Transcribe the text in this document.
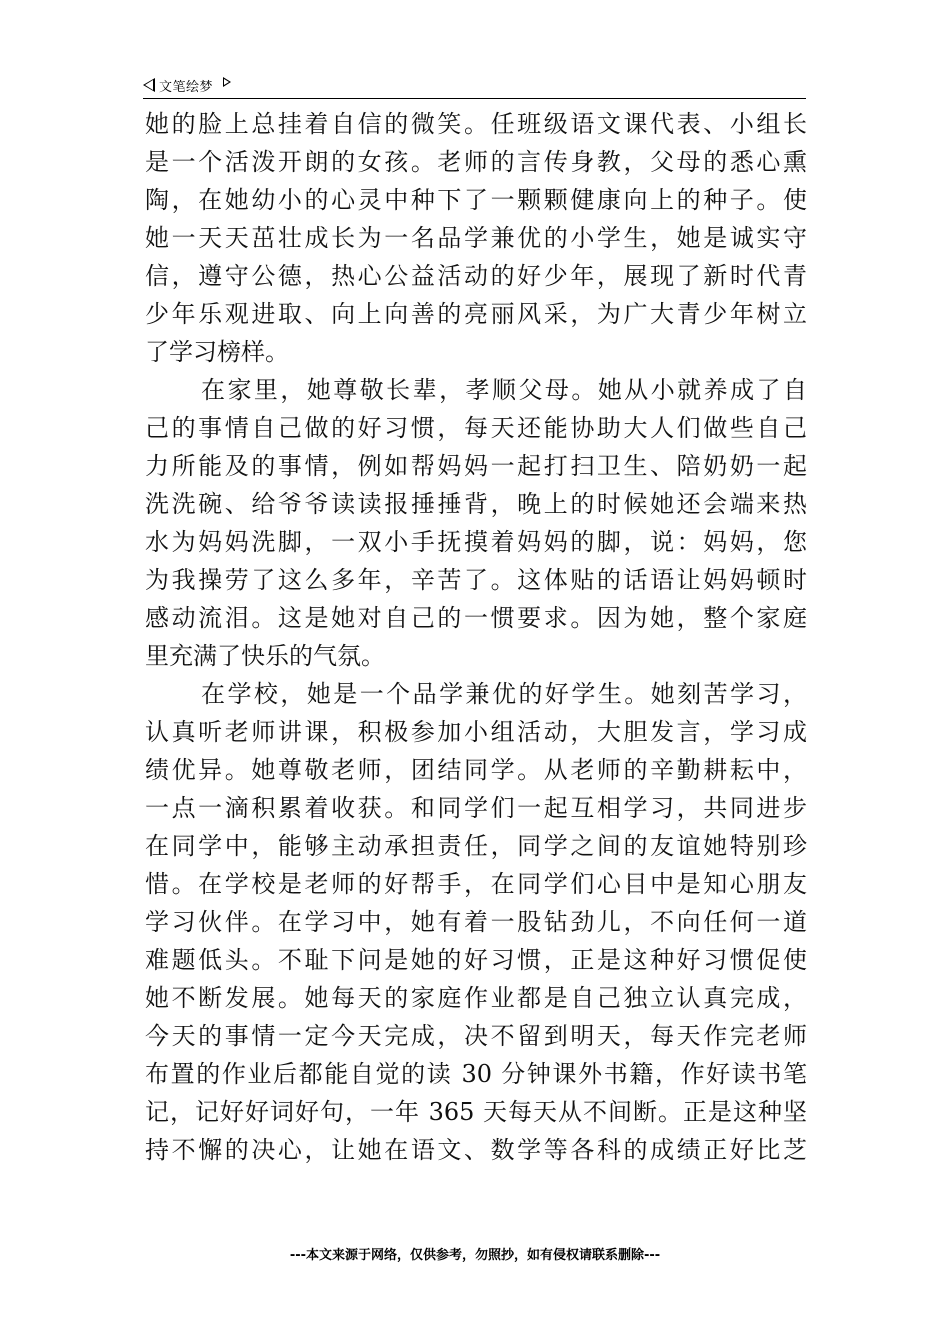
文笔绘梦
她的脸上总挂着自信的微笑。任班级语文课代表、小组长
是一个活泼开朗的女孩。老师的言传身教，父母的悉心熏
陶，在她幼小的心灵中种下了一颗颗健康向上的种子。使
她一天天茁壮成长为一名品学兼优的小学生，她是诚实守
信，遵守公德，热心公益活动的好少年，展现了新时代青
少年乐观进取、向上向善的亮丽风采，为广大青少年树立
了学习榜样。
在家里，她尊敬长辈，孝顺父母。她从小就养成了自
己的事情自己做的好习惯，每天还能协助大人们做些自己
力所能及的事情，例如帮妈妈一起打扫卫生、陪奶奶一起
洗洗碗、给爷爷读读报捶捶背，晚上的时候她还会端来热
水为妈妈洗脚，一双小手抚摸着妈妈的脚，说：妈妈，您
为我操劳了这么多年，辛苦了。这体贴的话语让妈妈顿时
感动流泪。这是她对自己的一惯要求。因为她，整个家庭
里充满了快乐的气氛。
在学校，她是一个品学兼优的好学生。她刻苦学习，
认真听老师讲课，积极参加小组活动，大胆发言，学习成
绩优异。她尊敬老师，团结同学。从老师的辛勤耕耘中，
一点一滴积累着收获。和同学们一起互相学习，共同进步
在同学中，能够主动承担责任，同学之间的友谊她特别珍
惜。在学校是老师的好帮手，在同学们心目中是知心朋友
学习伙伴。在学习中，她有着一股钻劲儿，不向任何一道
难题低头。不耻下问是她的好习惯，正是这种好习惯促使
她不断发展。她每天的家庭作业都是自己独立认真完成，
今天的事情一定今天完成，决不留到明天，每天作完老师
布置的作业后都能自觉的读 30 分钟课外书籍，作好读书笔
记，记好好词好句，一年 365 天每天从不间断。正是这种坚
持不懈的决心，让她在语文、数学等各科的成绩正好比芝
---本文来源于网络，仅供参考，勿照抄，如有侵权请联系删除---
